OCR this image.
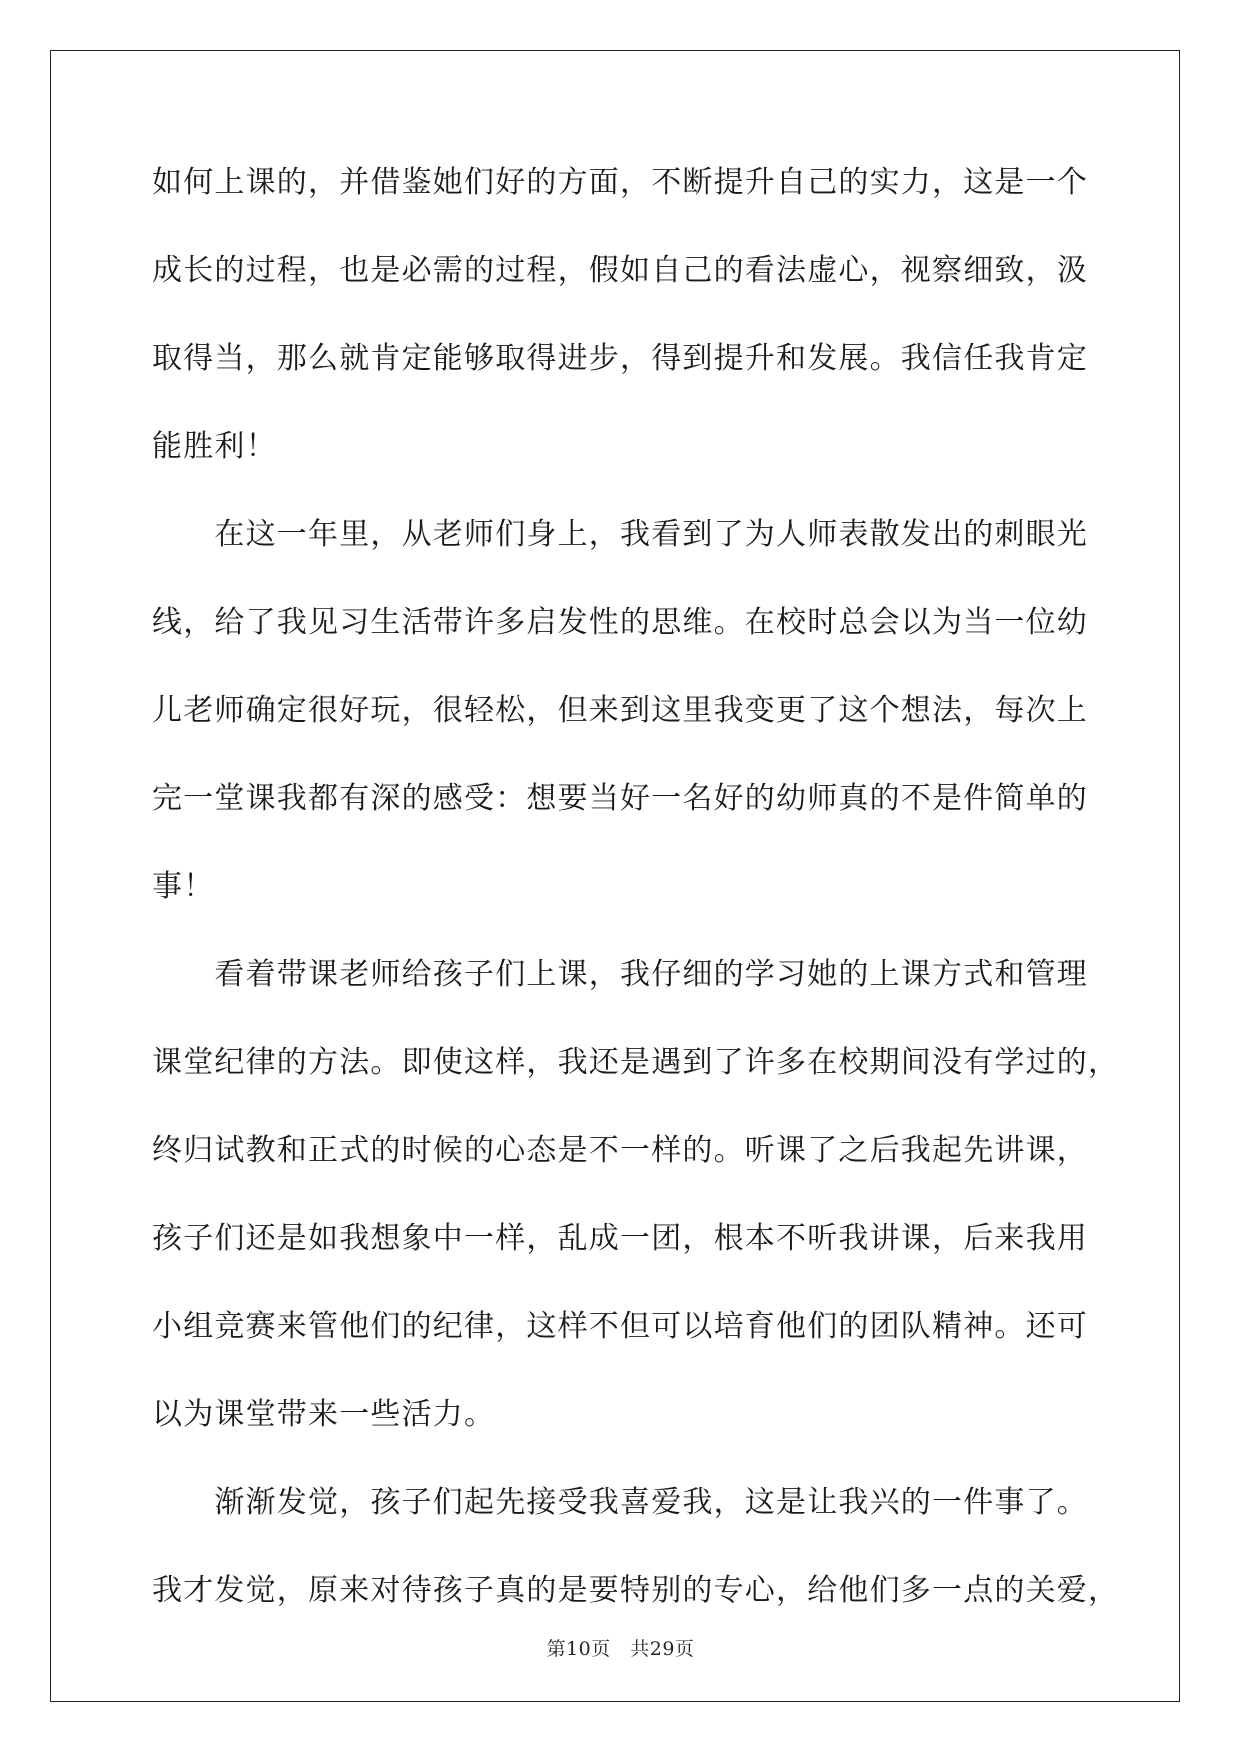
如何上课的，并借鉴她们好的方面，不断提升自己的实力，这是一个
成长的过程，也是必需的过程，假如自己的看法虚心，视察细致，汲
取得当，那么就肯定能够取得进步，得到提升和发展。我信任我肯定
能胜利！
　　在这一年里，从老师们身上，我看到了为人师表散发出的刺眼光
线，给了我见习生活带许多启发性的思维。在校时总会以为当一位幼
儿老师确定很好玩，很轻松，但来到这里我变更了这个想法，每次上
完一堂课我都有深的感受：想要当好一名好的幼师真的不是件简单的
事！
　　看着带课老师给孩子们上课，我仔细的学习她的上课方式和管理
课堂纪律的方法。即使这样，我还是遇到了许多在校期间没有学过的，
终归试教和正式的时候的心态是不一样的。听课了之后我起先讲课，
孩子们还是如我想象中一样，乱成一团，根本不听我讲课，后来我用
小组竞赛来管他们的纪律，这样不但可以培育他们的团队精神。还可
以为课堂带来一些活力。
　　渐渐发觉，孩子们起先接受我喜爱我，这是让我兴的一件事了。
我才发觉，原来对待孩子真的是要特别的专心，给他们多一点的关爱，
第10页　共29页
